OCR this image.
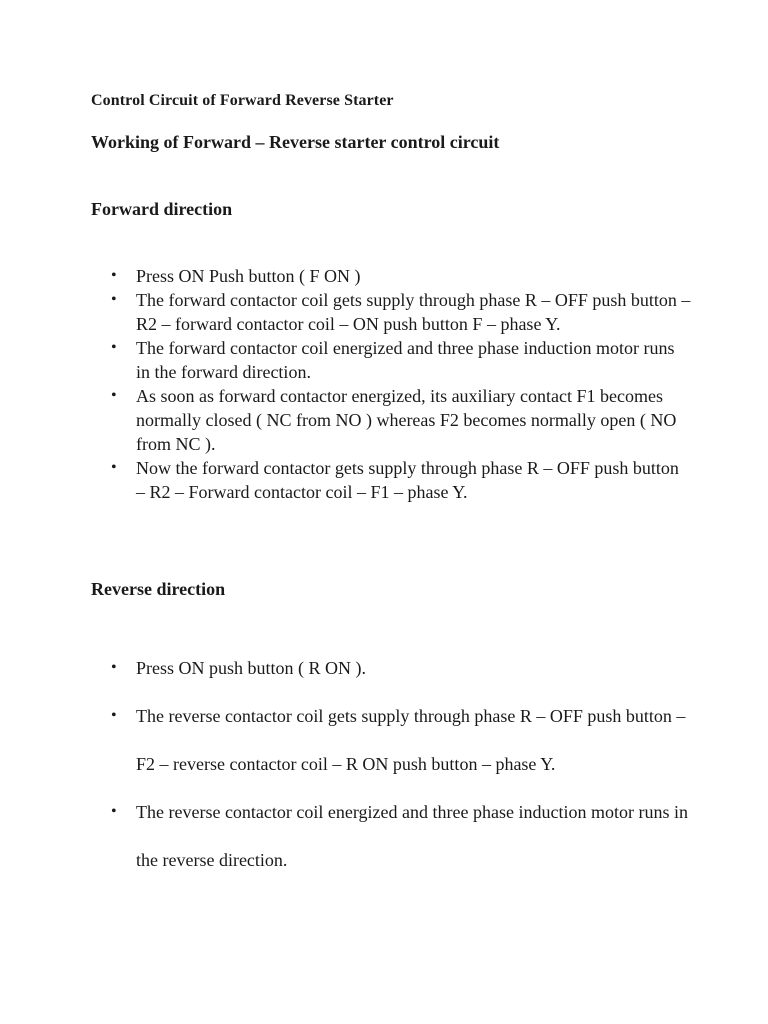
Control Circuit of Forward Reverse Starter

Working of Forward – Reverse starter control circuit

Forward direction

• Press ON Push button ( F ON )
• The forward contactor coil gets supply through phase R – OFF push button – R2 – forward contactor coil – ON push button F – phase Y.
• The forward contactor coil energized and three phase induction motor runs in the forward direction.
• As soon as forward contactor energized, its auxiliary contact F1 becomes normally closed ( NC from NO ) whereas F2 becomes normally open ( NO from NC ).
• Now the forward contactor gets supply through phase R – OFF push button – R2 – Forward contactor coil – F1 – phase Y.

Reverse direction

• Press ON push button ( R ON ).
• The reverse contactor coil gets supply through phase R – OFF push button – F2 – reverse contactor coil – R ON push button – phase Y.
• The reverse contactor coil energized and three phase induction motor runs in the reverse direction.
